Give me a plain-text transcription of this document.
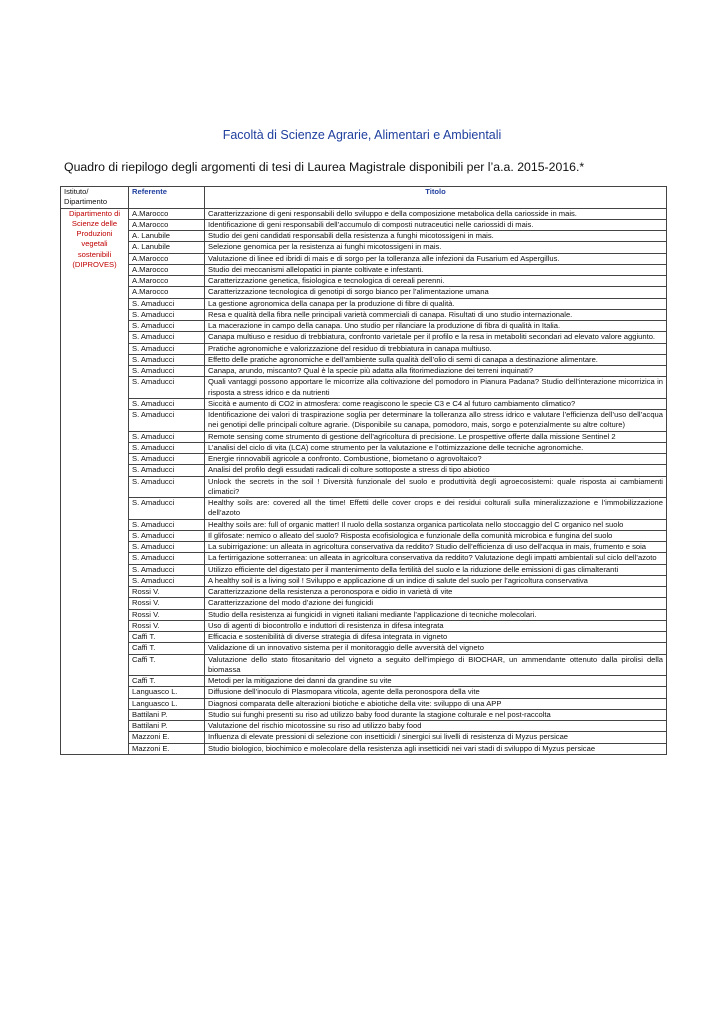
Facoltà di Scienze Agrarie, Alimentari e Ambientali
Quadro di riepilogo degli argomenti di tesi di Laurea Magistrale disponibili per l’a.a. 2015-2016.*
Istituto/ Dipartimento	Referente	Titolo
Dipartimento di Scienze delle Produzioni vegetali sostenibili (DIPROVES)	A.Marocco	Caratterizzazione di geni responsabili dello sviluppo e della composizione metabolica della cariosside in mais.
	A.Marocco	Identificazione di geni responsabili dell’accumulo di composti nutraceutici nelle cariossidi di mais.
	A. Lanubile	Studio dei geni candidati responsabili della resistenza a funghi micotossigeni in mais.
	A. Lanubile	Selezione genomica per la resistenza ai funghi micotossigeni in mais.
	A.Marocco	Valutazione di linee ed ibridi di mais e di sorgo per la tolleranza alle infezioni da Fusarium ed Aspergillus.
	A.Marocco	Studio dei meccanismi allelopatici in piante coltivate e infestanti.
	A.Marocco	Caratterizzazione genetica, fisiologica e tecnologica di cereali perenni.
	A.Marocco	Caratterizzazione tecnologica di genotipi di sorgo bianco per l’alimentazione umana
	S. Amaducci	La gestione agronomica della canapa per la produzione di fibre di qualità.
	S. Amaducci	Resa e qualità della fibra nelle principali varietà commerciali di canapa. Risultati di uno studio internazionale.
	S. Amaducci	La macerazione in campo della canapa. Uno studio per rilanciare la produzione di fibra di qualità in Italia.
	S. Amaducci	Canapa multiuso e residuo di trebbiatura, confronto varietale per il profilo e la resa in metaboliti secondari ad elevato valore aggiunto.
	S. Amaducci	Pratiche agronomiche e valorizzazione del residuo di trebbiatura in canapa multiuso.
	S. Amaducci	Effetto delle pratiche agronomiche e dell’ambiente sulla qualità dell’olio di semi di canapa a destinazione alimentare.
	S. Amaducci	Canapa, arundo, miscanto? Qual è la specie più adatta alla fitorimediazione dei terreni inquinati?
	S. Amaducci	Quali vantaggi possono apportare le micorrize alla coltivazione del pomodoro in Pianura Padana? Studio dell’interazione micorrizica in risposta a stress idrico e da nutrienti
	S. Amaducci	Siccità e aumento di CO2 in atmosfera: come reagiscono le specie C3 e C4 al futuro cambiamento climatico?
	S. Amaducci	Identificazione dei valori di traspirazione soglia per determinare la tolleranza allo stress idrico e valutare l’efficienza dell’uso dell’acqua nei genotipi delle principali colture agrarie. (Disponibile su canapa, pomodoro, mais, sorgo e potenzialmente su altre colture)
	S. Amaducci	Remote sensing come strumento di gestione dell’agricoltura di precisione. Le prospettive offerte dalla missione Sentinel 2
	S. Amaducci	L’analisi del ciclo di vita (LCA) come strumento per la valutazione e l’ottimizzazione delle tecniche agronomiche.
	S. Amaducci	Energie rinnovabili agricole a confronto. Combustione, biometano o agrovoltaico?
	S. Amaducci	Analisi del profilo degli essudati radicali di colture sottoposte a stress di tipo abiotico
	S. Amaducci	Unlock the secrets in the soil ! Diversità funzionale del suolo e produttività degli agroecosistemi: quale risposta ai cambiamenti climatici?
	S. Amaducci	Healthy soils are: covered all the time! Effetti delle cover crops e dei residui colturali sulla mineralizzazione e l’immobilizzazione dell’azoto
	S. Amaducci	Healthy soils are: full of organic matter! Il ruolo della sostanza organica particolata nello stoccaggio del C organico nel suolo
	S. Amaducci	Il glifosate: nemico o alleato del suolo? Risposta ecofisiologica e funzionale della comunità microbica e fungina del suolo
	S. Amaducci	La subirrigazione: un alleata in agricoltura conservativa da reddito? Studio dell’efficienza di uso dell’acqua in mais, frumento e soia
	S. Amaducci	La fertirrigazione sotterranea: un alleata in agricoltura conservativa da reddito? Valutazione degli impatti ambientali sul ciclo dell’azoto
	S. Amaducci	Utilizzo efficiente del digestato per il mantenimento della fertilità del suolo e la riduzione delle emissioni di gas climalteranti
	S. Amaducci	A healthy soil is a living soil ! Sviluppo e applicazione di un indice di salute del suolo per l’agricoltura conservativa
	Rossi V.	Caratterizzazione della resistenza a peronospora e oidio in varietà di vite
	Rossi V.	Caratterizzazione del modo d’azione dei fungicidi
	Rossi V.	Studio della resistenza ai fungicidi in vigneti italiani mediante l’applicazione di tecniche molecolari.
	Rossi V.	Uso di agenti di biocontrollo e induttori di resistenza in difesa integrata
	Caffi T.	Efficacia e sostenibilità di diverse strategia di difesa integrata in vigneto
	Caffi T.	Validazione di un innovativo sistema per il monitoraggio delle avversità del vigneto
	Caffi T.	Valutazione dello stato fitosanitario del vigneto a seguito dell’impiego di BIOCHAR, un ammendante ottenuto dalla pirolisi della biomassa
	Caffi T.	Metodi per la mitigazione dei danni da grandine su vite
	Languasco L.	Diffusione dell’inoculo di Plasmopara viticola, agente della peronospora della vite
	Languasco L.	Diagnosi comparata delle alterazioni biotiche e abiotiche della vite: sviluppo di una APP
	Battilani P.	Studio sui funghi presenti su riso ad utilizzo baby food durante la stagione colturale e nel post-raccolta
	Battilani P.	Valutazione del rischio micotossine su riso ad utilizzo baby food
	Mazzoni E.	Influenza di elevate pressioni di selezione con insetticidi / sinergici sui livelli di resistenza di Myzus persicae
	Mazzoni E.	Studio biologico, biochimico e molecolare della resistenza agli insetticidi nei vari stadi di sviluppo di Myzus persicae
